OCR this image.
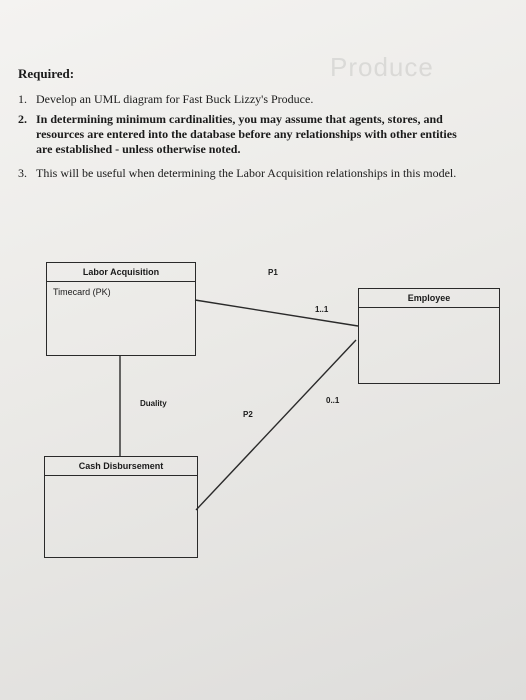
Produce
Required:
1. Develop an UML diagram for Fast Buck Lizzy's Produce.
2. In determining minimum cardinalities, you may assume that agents, stores, and resources are entered into the database before any relationships with other entities are established - unless otherwise noted.
3. This will be useful when determining the Labor Acquisition relationships in this model.
Labor Acquisition
Timecard (PK)
Employee
Cash Disbursement
P1
1..1
0..1
P2
Duality
